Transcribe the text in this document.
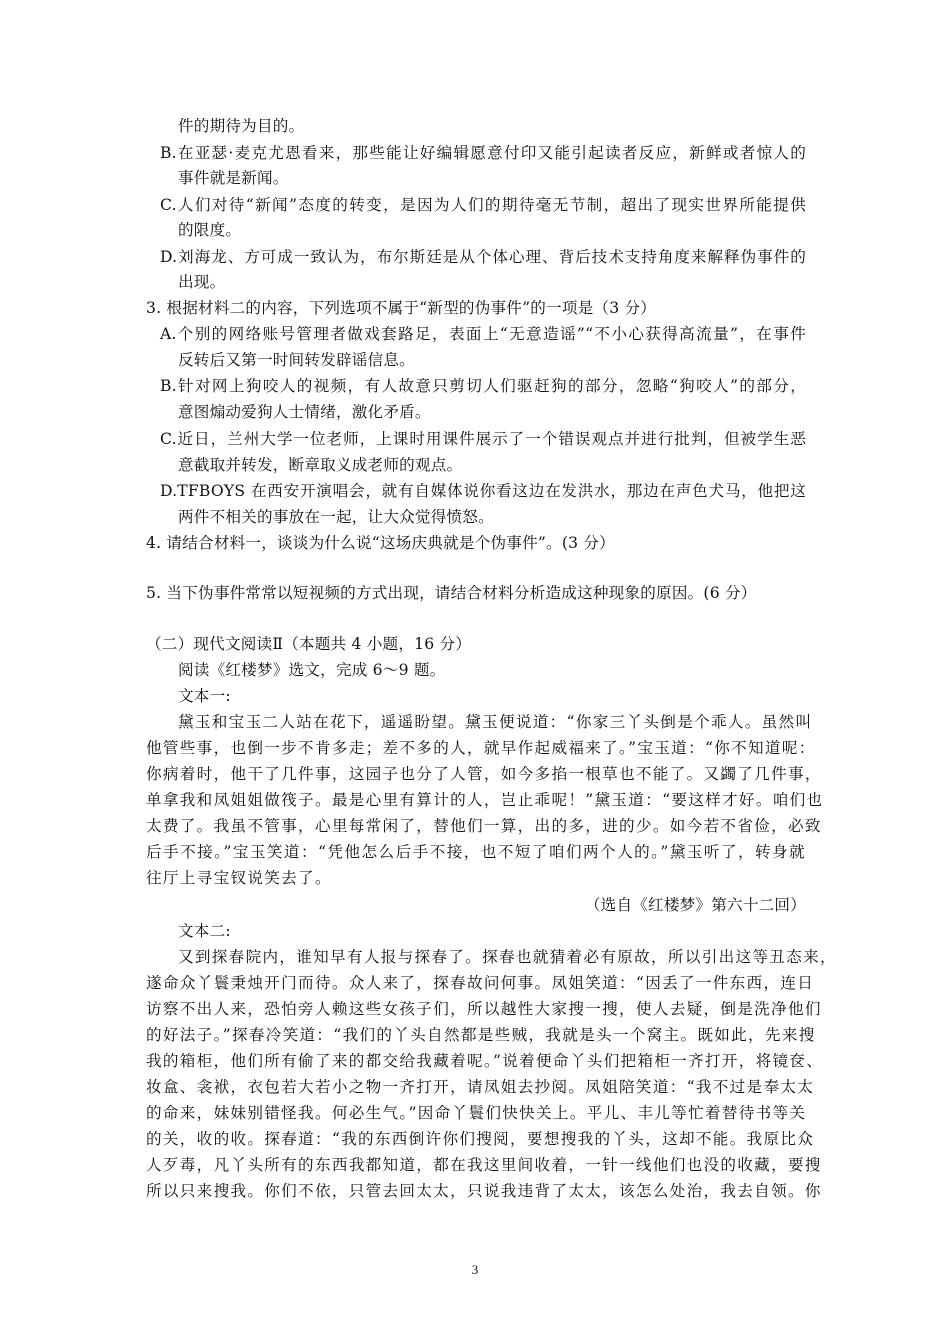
件的期待为目的。
B.在亚瑟·麦克尤恩看来，那些能让好编辑愿意付印又能引起读者反应，新鲜或者惊人的
事件就是新闻。
C.人们对待“新闻”态度的转变，是因为人们的期待毫无节制，超出了现实世界所能提供
的限度。
D.刘海龙、方可成一致认为，布尔斯廷是从个体心理、背后技术支持角度来解释伪事件的
出现。
3. 根据材料二的内容，下列选项不属于“新型的伪事件”的一项是（3 分）
A.个别的网络账号管理者做戏套路足，表面上“无意造谣”“不小心获得高流量”，在事件
反转后又第一时间转发辟谣信息。
B.针对网上狗咬人的视频，有人故意只剪切人们驱赶狗的部分，忽略“狗咬人”的部分，
意图煽动爱狗人士情绪，激化矛盾。
C.近日，兰州大学一位老师，上课时用课件展示了一个错误观点并进行批判，但被学生恶
意截取并转发，断章取义成老师的观点。
D.TFBOYS 在西安开演唱会，就有自媒体说你看这边在发洪水，那边在声色犬马，他把这
两件不相关的事放在一起，让大众觉得愤怒。
4. 请结合材料一，谈谈为什么说“这场庆典就是个伪事件”。(3 分）
5. 当下伪事件常常以短视频的方式出现，请结合材料分析造成这种现象的原因。(6 分）
（二）现代文阅读Ⅱ（本题共 4 小题，16 分）
阅读《红楼梦》选文，完成 6～9 题。
文本一:
黛玉和宝玉二人站在花下，遥遥盼望。黛玉便说道：“你家三丫头倒是个乖人。虽然叫
他管些事，也倒一步不肯多走；差不多的人，就早作起威福来了。”宝玉道：“你不知道呢：
你病着时，他干了几件事，这园子也分了人管，如今多掐一根草也不能了。又蠲了几件事，
单拿我和凤姐姐做筏子。最是心里有算计的人，岂止乖呢！”黛玉道：“要这样才好。咱们也
太费了。我虽不管事，心里每常闲了，替他们一算，出的多，进的少。如今若不省俭，必致
后手不接。”宝玉笑道：“凭他怎么后手不接，也不短了咱们两个人的。”黛玉听了，转身就
往厅上寻宝钗说笑去了。
（选自《红楼梦》第六十二回）
文本二:
又到探春院内，谁知早有人报与探春了。探春也就猜着必有原故，所以引出这等丑态来，
遂命众丫鬟秉烛开门而待。众人来了，探春故问何事。凤姐笑道：“因丢了一件东西，连日
访察不出人来，恐怕旁人赖这些女孩子们，所以越性大家搜一搜，使人去疑，倒是洗净他们
的好法子。”探春冷笑道：“我们的丫头自然都是些贼，我就是头一个窝主。既如此，先来搜
我的箱柜，他们所有偷了来的都交给我藏着呢。”说着便命丫头们把箱柜一齐打开，将镜奁、
妆盒、衾袱，衣包若大若小之物一齐打开，请凤姐去抄阅。凤姐陪笑道：“我不过是奉太太
的命来，妹妹别错怪我。何必生气。”因命丫鬟们快快关上。平儿、丰儿等忙着替待书等关
的关，收的收。探春道：“我的东西倒许你们搜阅，要想搜我的丫头，这却不能。我原比众
人歹毒，凡丫头所有的东西我都知道，都在我这里间收着，一针一线他们也没的收藏，要搜
所以只来搜我。你们不依，只管去回太太，只说我违背了太太，该怎么处治，我去自领。你
3
